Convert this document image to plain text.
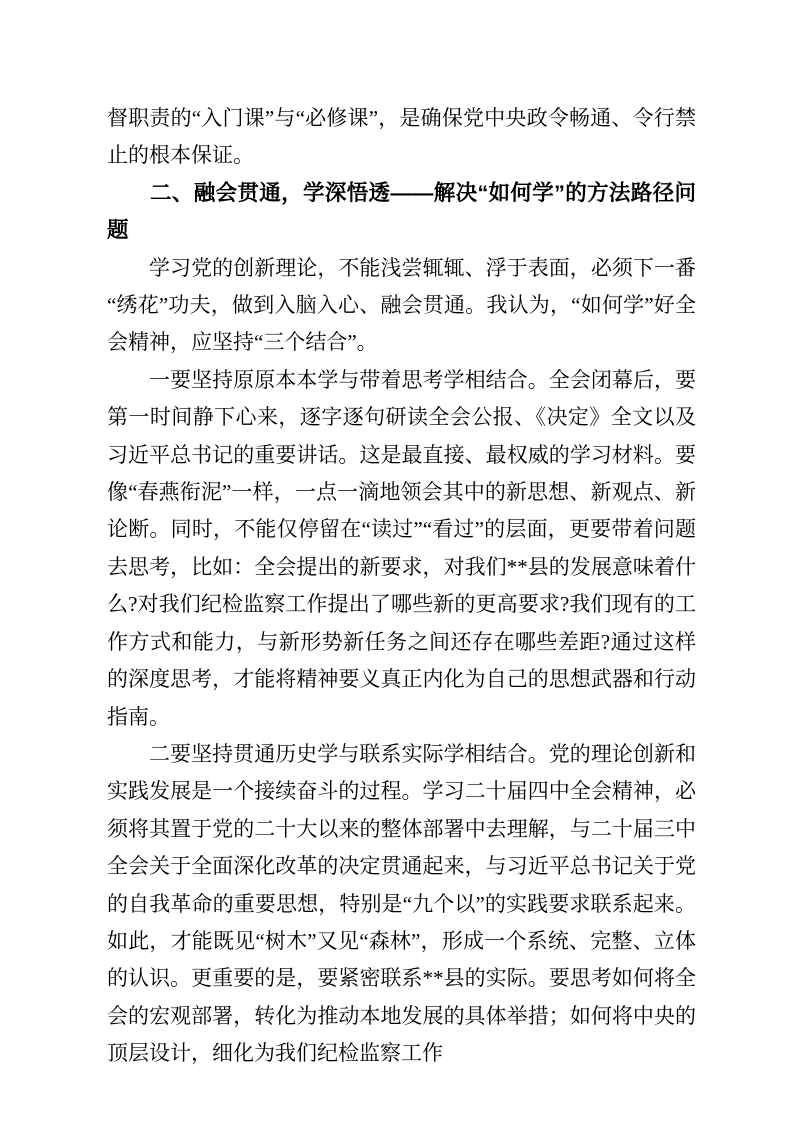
督职责的“入门课”与“必修课”，是确保党中央政令畅通、令行禁止的根本保证。

二、融会贯通，学深悟透——解决“如何学”的方法路径问题

学习党的创新理论，不能浅尝辄辄、浮于表面，必须下一番“绣花”功夫，做到入脑入心、融会贯通。我认为，“如何学”好全会精神，应坚持“三个结合”。

一要坚持原原本本学与带着思考学相结合。全会闭幕后，要第一时间静下心来，逐字逐句研读全会公报、《决定》全文以及习近平总书记的重要讲话。这是最直接、最权威的学习材料。要像“春燕衔泥”一样，一点一滴地领会其中的新思想、新观点、新论断。同时，不能仅停留在“读过”“看过”的层面，更要带着问题去思考，比如：全会提出的新要求，对我们**县的发展意味着什么?对我们纪检监察工作提出了哪些新的更高要求?我们现有的工作方式和能力，与新形势新任务之间还存在哪些差距?通过这样的深度思考，才能将精神要义真正内化为自己的思想武器和行动指南。

二要坚持贯通历史学与联系实际学相结合。党的理论创新和实践发展是一个接续奋斗的过程。学习二十届四中全会精神，必须将其置于党的二十大以来的整体部署中去理解，与二十届三中全会关于全面深化改革的决定贯通起来，与习近平总书记关于党的自我革命的重要思想，特别是“九个以”的实践要求联系起来。如此，才能既见“树木”又见“森林”，形成一个系统、完整、立体的认识。更重要的是，要紧密联系**县的实际。要思考如何将全会的宏观部署，转化为推动本地发展的具体举措；如何将中央的顶层设计，细化为我们纪检监察工作
